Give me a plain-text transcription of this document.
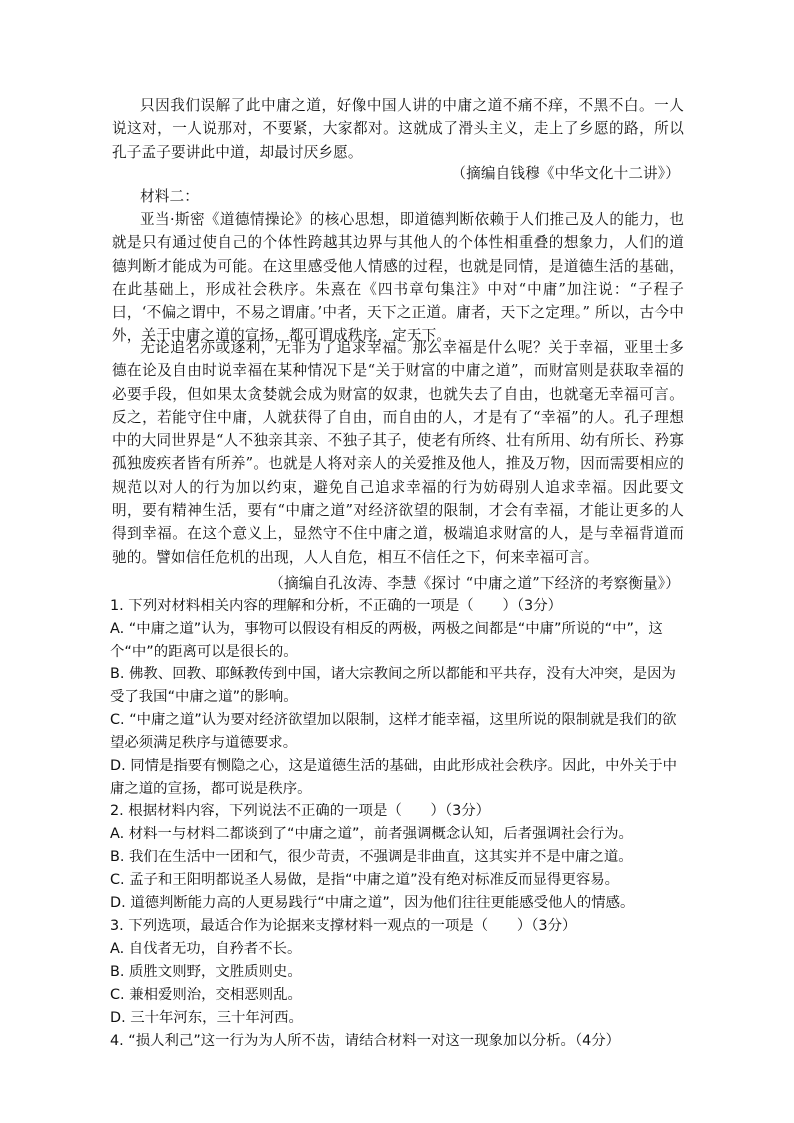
只因我们误解了此中庸之道，好像中国人讲的中庸之道不痛不痒，不黑不白。一人说这对，一人说那对，不要紧，大家都对。这就成了滑头主义，走上了乡愿的路，所以孔子孟子要讲此中道，却最讨厌乡愿。

（摘编自钱穆《中华文化十二讲》）

材料二：

亚当·斯密《道德情操论》的核心思想，即道德判断依赖于人们推己及人的能力，也就是只有通过使自己的个体性跨越其边界与其他人的个体性相重叠的想象力，人们的道德判断才能成为可能。在这里感受他人情感的过程，也就是同情，是道德生活的基础，在此基础上，形成社会秩序。朱熹在《四书章句集注》中对“中庸”加注说：“子程子曰，‘不偏之谓中，不易之谓庸。’中者，天下之正道。庸者，天下之定理。” 所以，古今中外，关于中庸之道的宣扬，都可谓成秩序，定天下。

无论追名亦或逐利，无非为了追求幸福。那么幸福是什么呢？关于幸福，亚里士多德在论及自由时说幸福在某种情况下是“关于财富的中庸之道”，而财富则是获取幸福的必要手段，但如果太贪婪就会成为财富的奴隶，也就失去了自由，也就毫无幸福可言。反之，若能守住中庸，人就获得了自由，而自由的人，才是有了“幸福”的人。孔子理想中的大同世界是“人不独亲其亲、不独子其子，使老有所终、壮有所用、幼有所长、矜寡孤独废疾者皆有所养”。也就是人将对亲人的关爱推及他人，推及万物，因而需要相应的规范以对人的行为加以约束，避免自己追求幸福的行为妨碍别人追求幸福。因此要文明，要有精神生活，要有“中庸之道”对经济欲望的限制，才会有幸福，才能让更多的人得到幸福。在这个意义上，显然守不住中庸之道，极端追求财富的人，是与幸福背道而驰的。譬如信任危机的出现，人人自危，相互不信任之下，何来幸福可言。

（摘编自孔汝涛、李慧《探讨 “中庸之道”下经济的考察衡量》）

1. 下列对材料相关内容的理解和分析，不正确的一项是（　　）（3分）

A. “中庸之道”认为，事物可以假设有相反的两极，两极之间都是“中庸”所说的“中”，这个“中”的距离可以是很长的。

B. 佛教、回教、耶稣教传到中国，诸大宗教间之所以都能和平共存，没有大冲突，是因为受了我国“中庸之道”的影响。

C. “中庸之道”认为要对经济欲望加以限制，这样才能幸福，这里所说的限制就是我们的欲望必须满足秩序与道德要求。

D. 同情是指要有恻隐之心，这是道德生活的基础，由此形成社会秩序。因此，中外关于中庸之道的宣扬，都可说是秩序。

2. 根据材料内容，下列说法不正确的一项是（　　）（3分）

A. 材料一与材料二都谈到了“中庸之道”，前者强调概念认知，后者强调社会行为。

B. 我们在生活中一团和气，很少苛责，不强调是非曲直，这其实并不是中庸之道。

C. 孟子和王阳明都说圣人易做，是指“中庸之道”没有绝对标准反而显得更容易。

D. 道德判断能力高的人更易践行“中庸之道”，因为他们往往更能感受他人的情感。

3. 下列选项，最适合作为论据来支撑材料一观点的一项是（　　）（3分）

A. 自伐者无功，自矜者不长。

B. 质胜文则野，文胜质则史。

C. 兼相爱则治，交相恶则乱。

D. 三十年河东，三十年河西。

4. “损人利己”这一行为为人所不齿，请结合材料一对这一现象加以分析。（4分）
